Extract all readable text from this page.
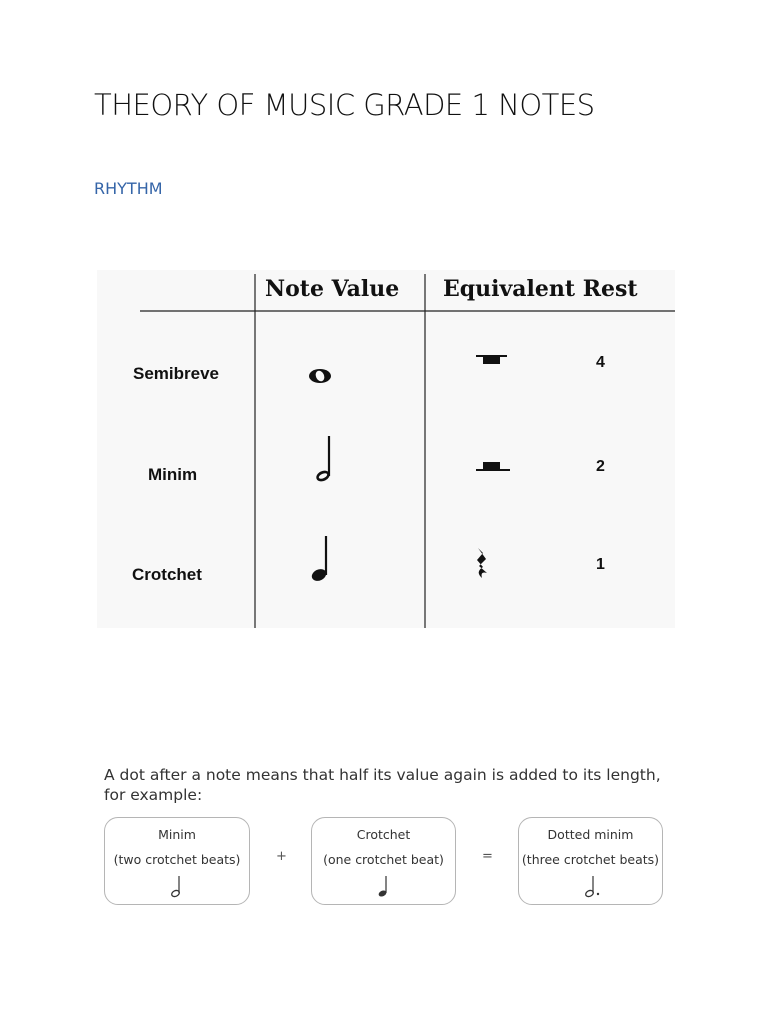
THEORY OF MUSIC GRADE 1 NOTES
RHYTHM
Note Value Equivalent Rest
Semibreve
Minim
Crotchet
4
2
1
A dot after a note means that half its value again is added to its length, for example:
Minim
(two crotchet beats)	+
Crotchet
(one crotchet beat)	=
Dotted minim
(three crotchet beats)
